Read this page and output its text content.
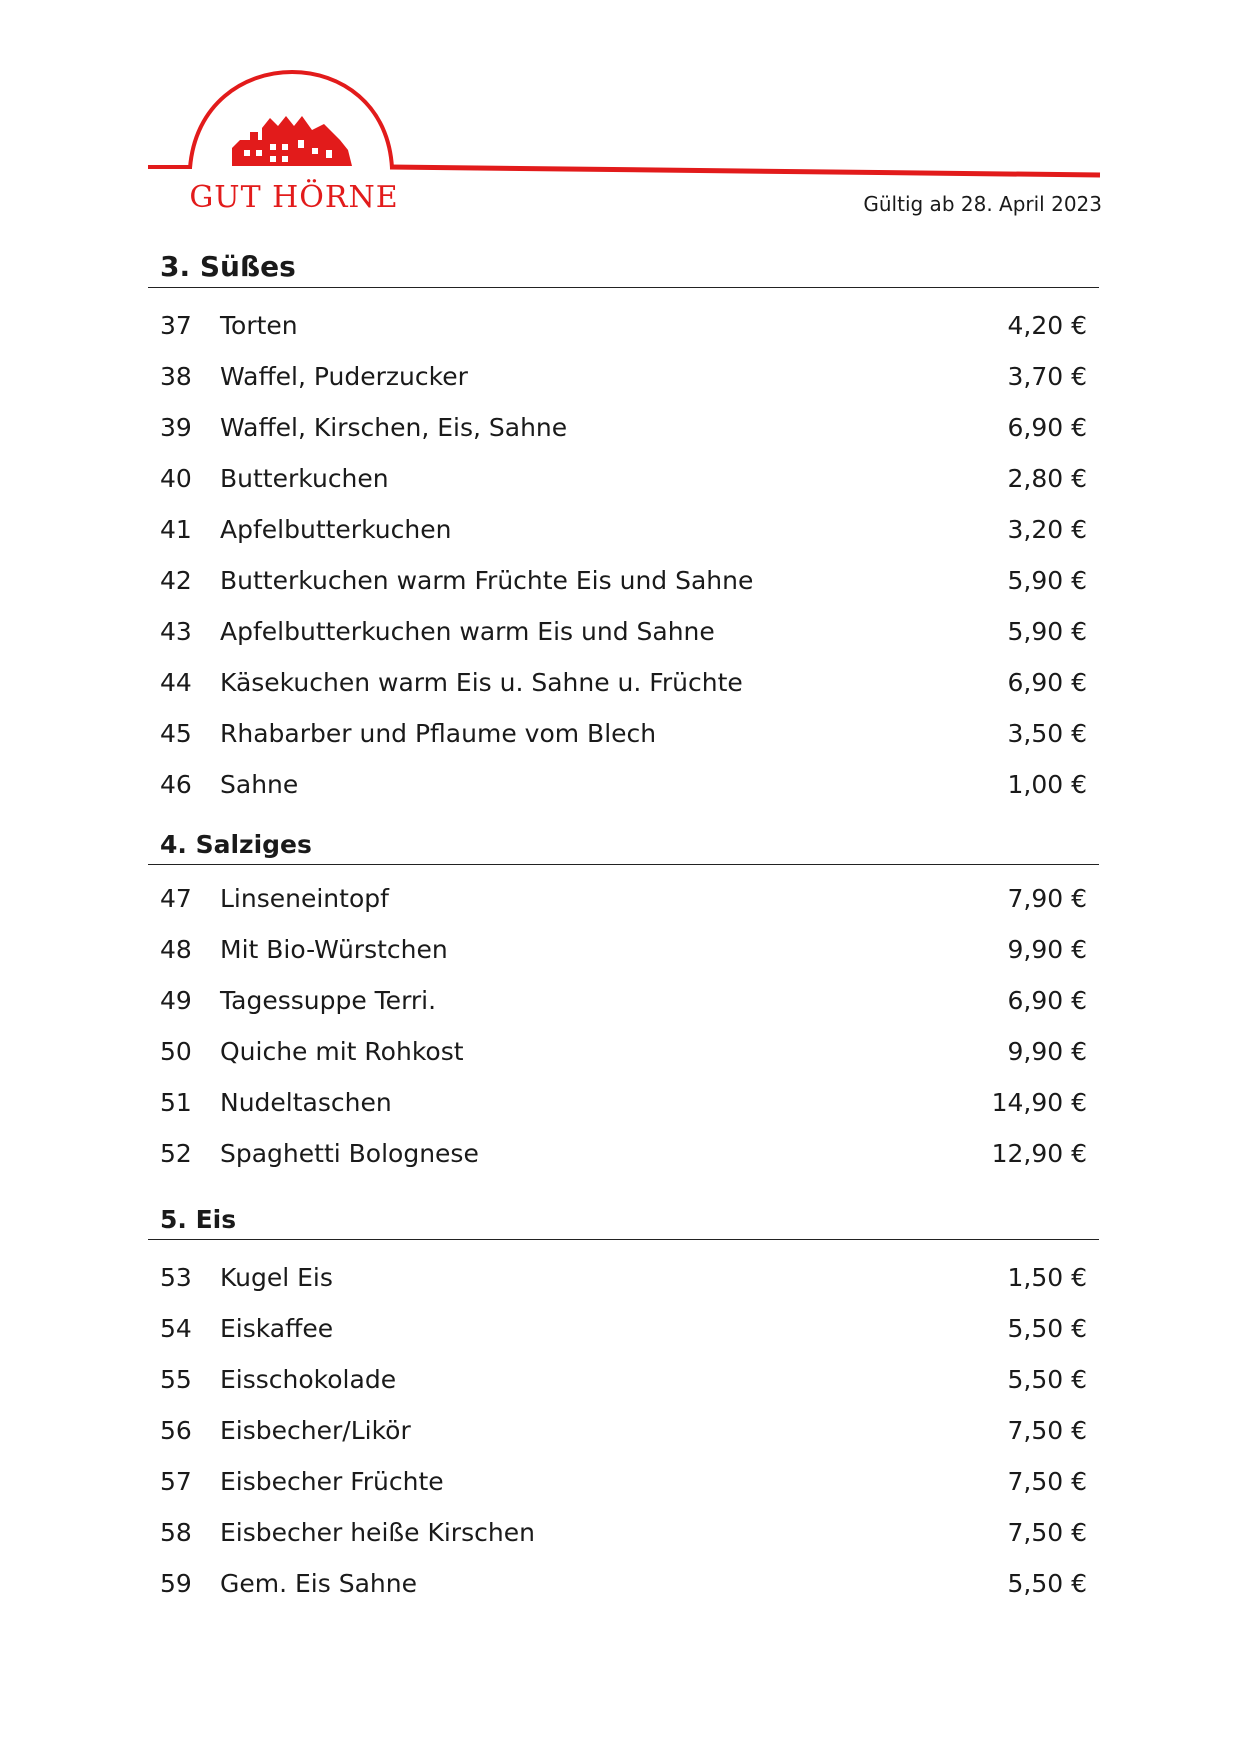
GUT HÖRNE	Gültig ab 28. April 2023
3. Süßes
37	Torten	4,20 €
38	Waffel, Puderzucker	3,70 €
39	Waffel, Kirschen, Eis, Sahne	6,90 €
40	Butterkuchen	2,80 €
41	Apfelbutterkuchen	3,20 €
42	Butterkuchen warm Früchte Eis und Sahne	5,90 €
43	Apfelbutterkuchen warm Eis und Sahne	5,90 €
44	Käsekuchen warm Eis u. Sahne u. Früchte	6,90 €
45	Rhabarber und Pflaume vom Blech	3,50 €
46	Sahne	1,00 €
4. Salziges
47	Linseneintopf	7,90 €
48	Mit Bio-Würstchen	9,90 €
49	Tagessuppe Terri.	6,90 €
50	Quiche mit Rohkost	9,90 €
51	Nudeltaschen	14,90 €
52	Spaghetti Bolognese	12,90 €
5. Eis
53	Kugel Eis	1,50 €
54	Eiskaffee	5,50 €
55	Eisschokolade	5,50 €
56	Eisbecher/Likör	7,50 €
57	Eisbecher Früchte	7,50 €
58	Eisbecher heiße Kirschen	7,50 €
59	Gem. Eis Sahne	5,50 €
